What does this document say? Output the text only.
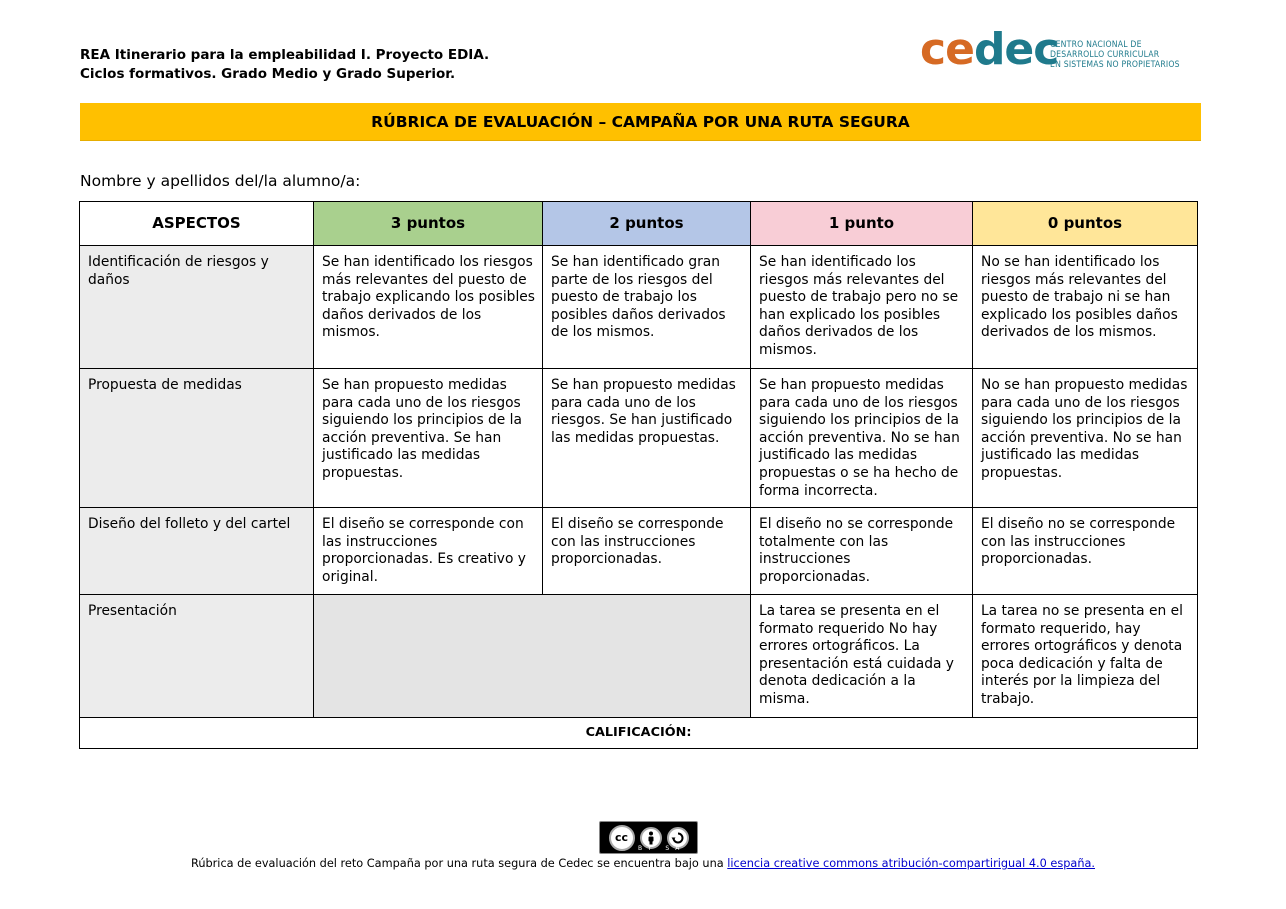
REA Itinerario para la empleabilidad I. Proyecto EDIA.
Ciclos formativos. Grado Medio y Grado Superior.	cedec
CENTRO NACIONAL DE
DESARROLLO CURRICULAR
EN SISTEMAS NO PROPIETARIOS
RÚBRICA DE EVALUACIÓN – CAMPAÑA POR UNA RUTA SEGURA
Nombre y apellidos del/la alumno/a:
ASPECTOS	3 puntos	2 puntos	1 punto	0 puntos
Identificación de riesgos y daños	Se han identificado los riesgos más relevantes del puesto de trabajo explicando los posibles daños derivados de los mismos.	Se han identificado gran parte de los riesgos del puesto de trabajo los posibles daños derivados de los mismos.	Se han identificado los riesgos más relevantes del puesto de trabajo pero no se han explicado los posibles daños derivados de los mismos.	No se han identificado los riesgos más relevantes del puesto de trabajo ni se han explicado los posibles daños derivados de los mismos.
Propuesta de medidas	Se han propuesto medidas para cada uno de los riesgos siguiendo los principios de la acción preventiva. Se han justificado las medidas propuestas.	Se han propuesto medidas para cada uno de los riesgos. Se han justificado las medidas propuestas.	Se han propuesto medidas para cada uno de los riesgos siguiendo los principios de la acción preventiva. No se han justificado las medidas propuestas o se ha hecho de forma incorrecta.	No se han propuesto medidas para cada uno de los riesgos siguiendo los principios de la acción preventiva. No se han justificado las medidas propuestas.
Diseño del folleto y del cartel	El diseño se corresponde con las instrucciones proporcionadas. Es creativo y original.	El diseño se corresponde con las instrucciones proporcionadas.	El diseño no se corresponde totalmente con las instrucciones proporcionadas.	El diseño no se corresponde con las instrucciones proporcionadas.
Presentación			La tarea se presenta en el formato requerido No hay errores ortográficos. La presentación está cuidada y denota dedicación a la misma.	La tarea no se presenta en el formato requerido, hay errores ortográficos y denota poca dedicación y falta de interés por la limpieza del trabajo.
CALIFICACIÓN:				
cc
BY SA
Rúbrica de evaluación del reto Campaña por una ruta segura de Cedec se encuentra bajo una licencia creative commons atribución-compartirigual 4.0 españa.
